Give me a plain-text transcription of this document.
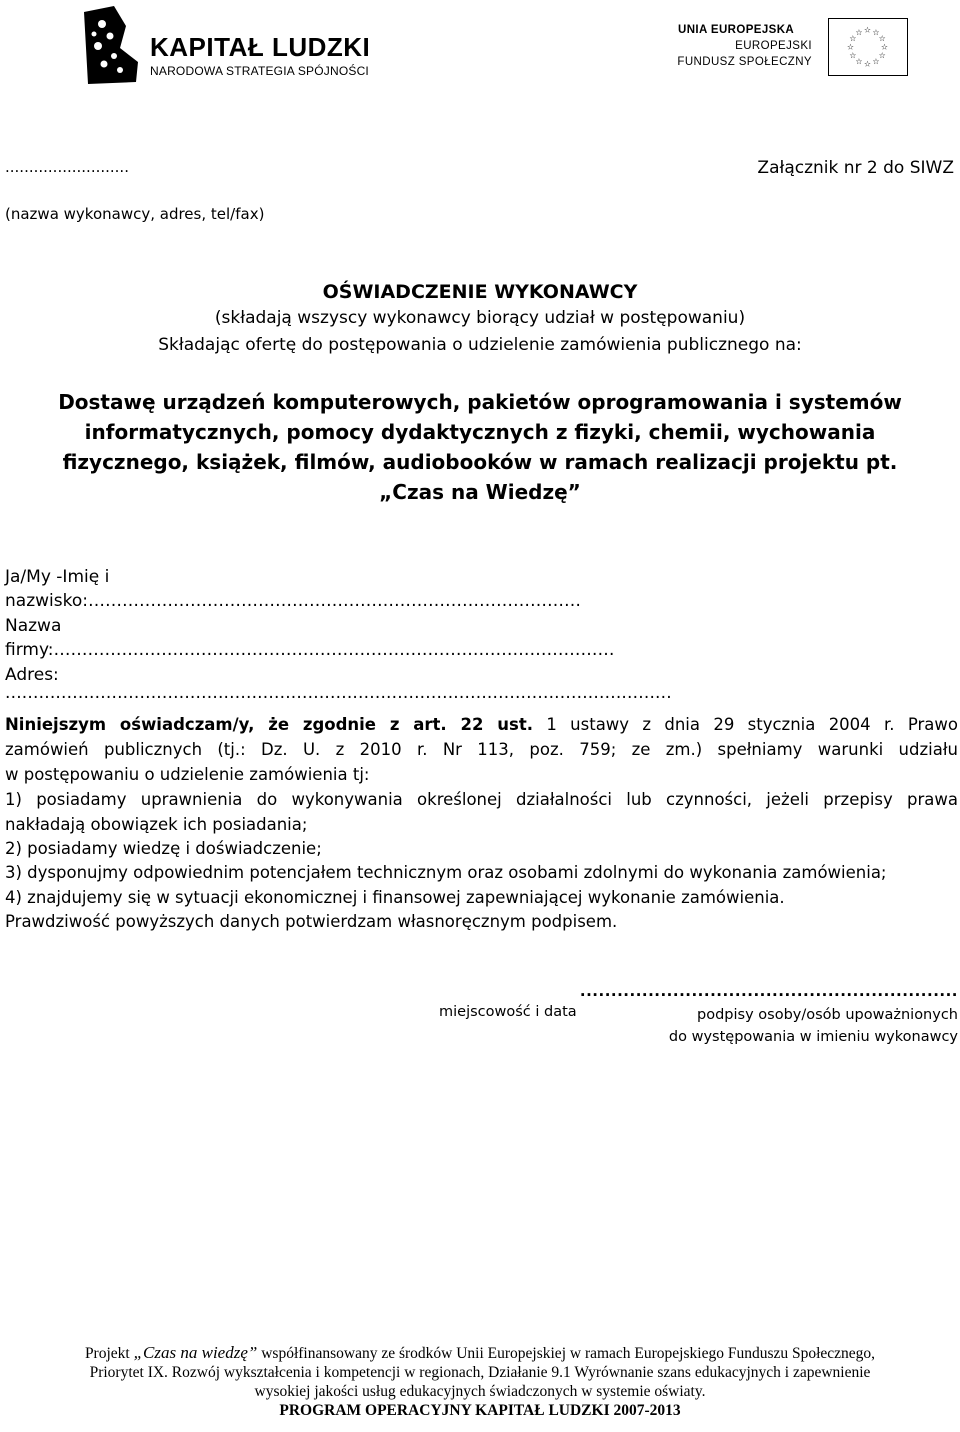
KAPITAŁ LUDZKI
NARODOWA STRATEGIA SPÓJNOŚCI
UNIA EUROPEJSKA
EUROPEJSKI
FUNDUSZ SPOŁECZNY
☆ ☆
☆
☆
☆
☆
☆
☆
☆
☆
☆
☆
..........................
(nazwa wykonawcy, adres, tel/fax)
Załącznik nr 2 do SIWZ
OŚWIADCZENIE WYKONAWCY
(składają wszyscy wykonawcy biorący udział w postępowaniu)
Składając ofertę do postępowania o udzielenie zamówienia publicznego na:
Dostawę urządzeń komputerowych, pakietów oprogramowania i systemów
informatycznych, pomocy dydaktycznych z fizyki, chemii, wychowania
fizycznego, książek, filmów, audiobooków w ramach realizacji projektu pt.
„Czas na Wiedzę”
Ja/My -Imię i
nazwisko:……………………………………………………………………………
Nazwa
firmy:………………………………………………………………………………………
Adres:
.......................................................................................................................
Niniejszym oświadczam/y, że zgodnie z art. 22 ust. 1 ustawy z dnia 29 stycznia 2004 r. Prawo
zamówień publicznych (tj.: Dz. U. z 2010 r. Nr 113, poz. 759; ze zm.) spełniamy warunki udziału
w postępowaniu o udzielenie zamówienia tj:
1) posiadamy uprawnienia do wykonywania określonej działalności lub czynności, jeżeli przepisy prawa
nakładają obowiązek ich posiadania;
2) posiadamy wiedzę i doświadczenie;
3) dysponujmy odpowiednim potencjałem technicznym oraz osobami zdolnymi do wykonania zamówienia;
4) znajdujemy się w sytuacji ekonomicznej i finansowej zapewniającej wykonanie zamówienia.
Prawdziwość powyższych danych potwierdzam własnoręcznym podpisem.
.............................................................
miejscowość i data	podpisy osoby/osób upoważnionych
do występowania w imieniu wykonawcy
Projekt „Czas na wiedzę” współfinansowany ze środków Unii Europejskiej w ramach Europejskiego Funduszu Społecznego,
Priorytet IX. Rozwój wykształcenia i kompetencji w regionach, Działanie 9.1 Wyrównanie szans edukacyjnych i zapewnienie
wysokiej jakości usług edukacyjnych świadczonych w systemie oświaty.
PROGRAM OPERACYJNY KAPITAŁ LUDZKI 2007-2013
